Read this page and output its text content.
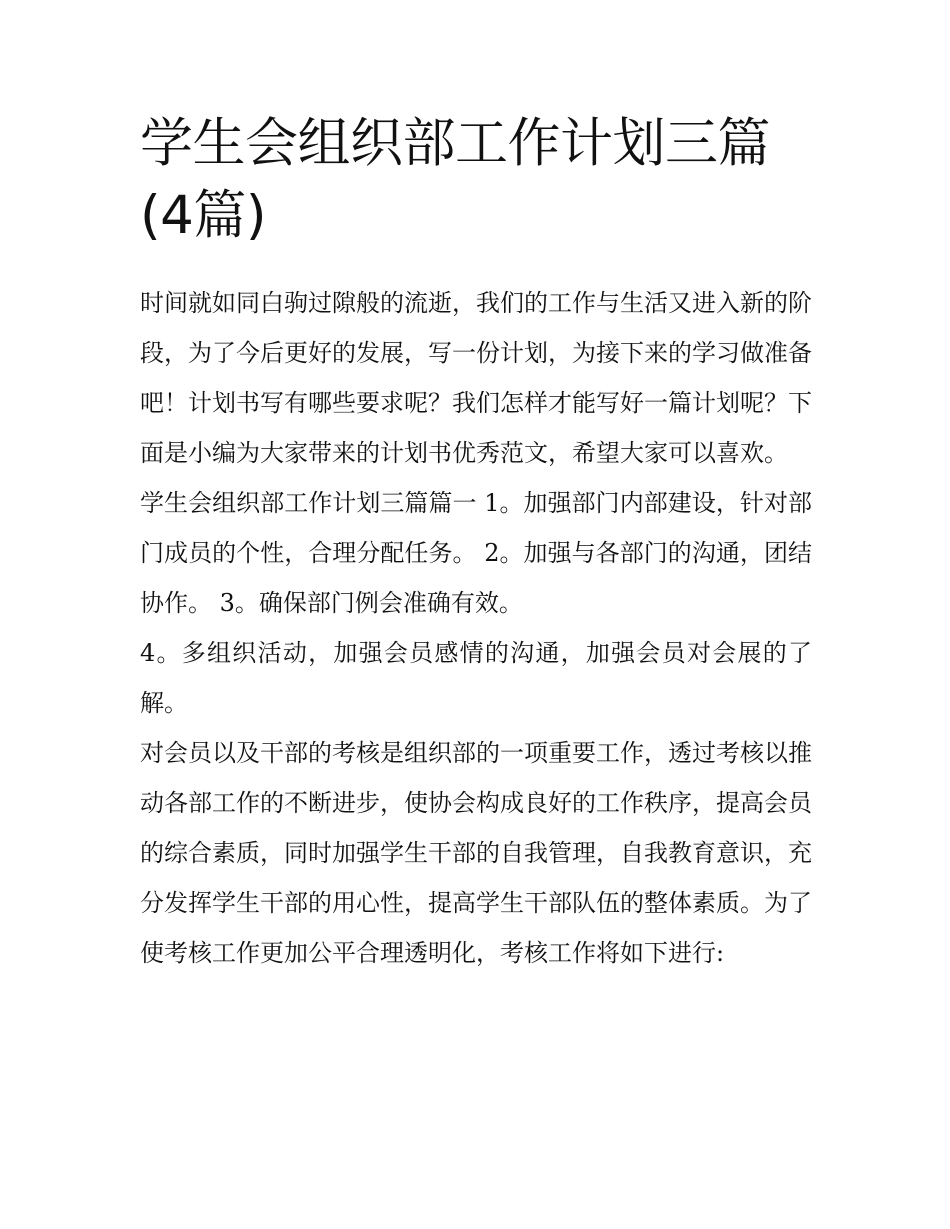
学生会组织部工作计划三篇(4篇)

时间就如同白驹过隙般的流逝，我们的工作与生活又进入新的阶段，为了今后更好的发展，写一份计划，为接下来的学习做准备吧！计划书写有哪些要求呢？我们怎样才能写好一篇计划呢？下面是小编为大家带来的计划书优秀范文，希望大家可以喜欢。

学生会组织部工作计划三篇篇一 1。加强部门内部建设，针对部门成员的个性，合理分配任务。 2。加强与各部门的沟通，团结协作。 3。确保部门例会准确有效。

4。多组织活动，加强会员感情的沟通，加强会员对会展的了解。

对会员以及干部的考核是组织部的一项重要工作，透过考核以推动各部工作的不断进步，使协会构成良好的工作秩序，提高会员的综合素质，同时加强学生干部的自我管理，自我教育意识，充分发挥学生干部的用心性，提高学生干部队伍的整体素质。为了使考核工作更加公平合理透明化，考核工作将如下进行:
